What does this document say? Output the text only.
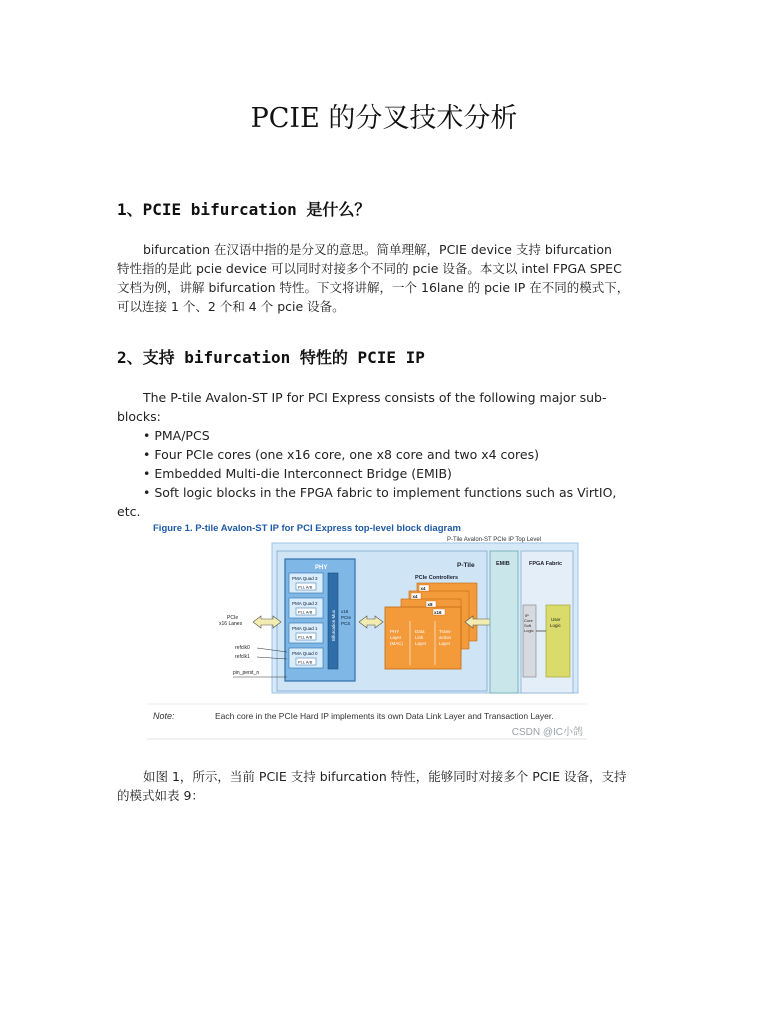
PCIE 的分叉技术分析
1、PCIE bifurcation 是什么？

bifurcation 在汉语中指的是分叉的意思。简单理解，PCIE device 支持 bifurcation

特性指的是此 pcie device 可以同时对接多个不同的 pcie 设备。本文以 intel FPGA SPEC

文档为例，讲解 bifurcation 特性。下文将讲解，一个 16lane 的 pcie IP 在不同的模式下，

可以连接 1 个、2 个和 4 个 pcie 设备。

2、支持 bifurcation 特性的 PCIE IP

The P-tile Avalon-ST IP for PCI Express consists of the following major sub-

blocks:

• PMA/PCS
• Four PCIe cores (one x16 core, one x8 core and two x4 cores)
• Embedded Multi-die Interconnect Bridge (EMIB)
• Soft logic blocks in the FPGA fabric to implement functions such as VirtIO,

etc.

Figure 1. P-tile Avalon-ST IP for PCI Express top-level block diagram
P-Tile Avalon-ST PCIe IP Top Level
P-Tile
PHY
PMA Quad 3
PLL A/B
PMA Quad 2
PLL A/B
PMA Quad 1
PLL A/B
PMA Quad 0
PLL A/B
Bifurcation Mux x16
PCIe
PCS
PCIe Controllers
x4
x4
x8
x16
PHY
Layer
(MAC)
Data
Link
Layer
Trans-
action
Layer
EMIB	FPGA Fabric
IP
Core
Soft
Logic
User
Logic
PCIe
x16 Lanes
refclk0
refclk1
pin_perst_n
Note:	Each core in the PCIe Hard IP implements its own Data Link Layer and Transaction Layer.
CSDN @IC小鸽

如图 1，所示，当前 PCIE 支持 bifurcation 特性，能够同时对接多个 PCIE 设备，支持

的模式如表 9：
